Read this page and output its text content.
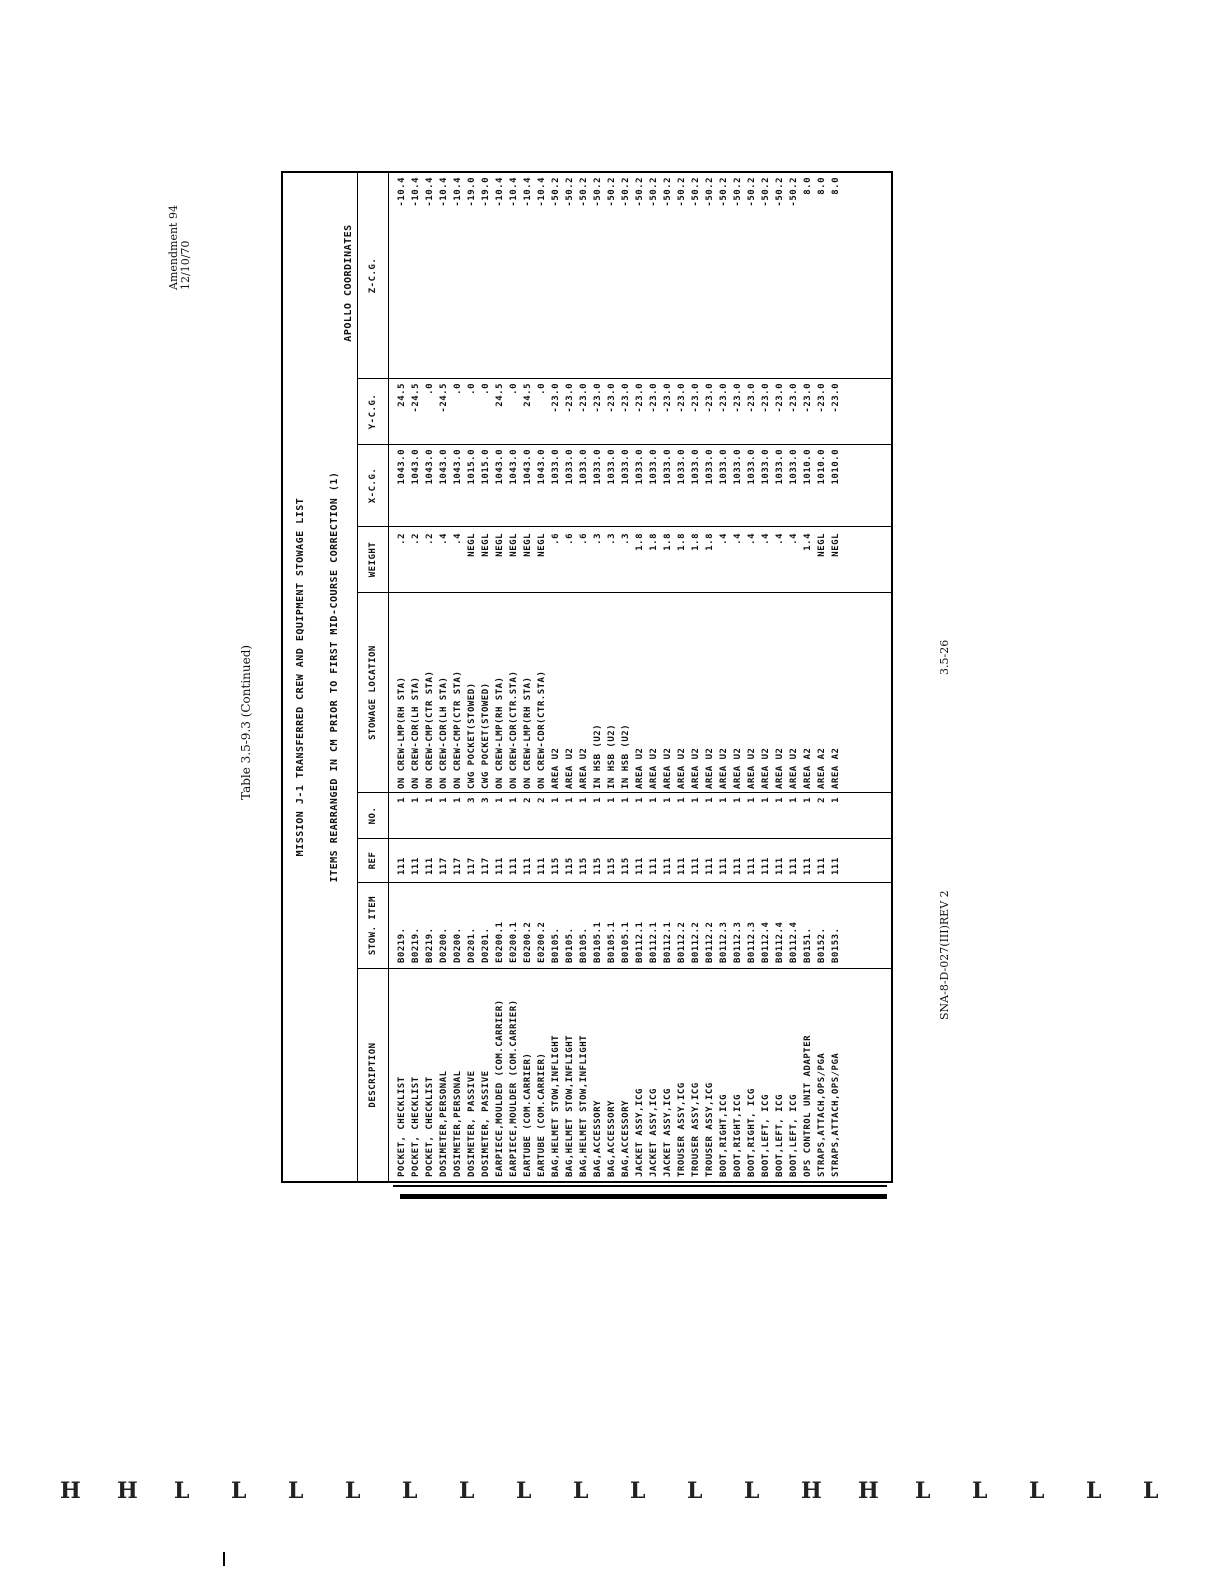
Table 3.5-9.3 (Continued)
Amendment 94 12/10/70
3.5-26
SNA-8-D-027(III)REV 2
MISSION J-1 TRANSFERRED CREW AND EQUIPMENT STOWAGE LIST	ITEMS REARRANGED IN CM PRIOR TO FIRST MID-COURSE CORRECTION (1)
APOLLO COORDINATES
DESCRIPTION
STOW. ITEM
REF
NO.
STOWAGE LOCATION
WEIGHT
X-C.G.
Y-C.G.
Z-C.G.
POCKET, CHECKLIST
B0219.
111
1
ON CREW-LMP(RH STA)
.2
1043.0
24.5
-10.4
POCKET, CHECKLIST
B0219.
111
1
ON CREW-CDR(LH STA)
.2
1043.0
-24.5
-10.4
POCKET, CHECKLIST
B0219.
111
1
ON CREW-CMP(CTR STA)
.2
1043.0
.0
-10.4
DOSIMETER,PERSONAL
D0200.
117
1
ON CREW-CDR(LH STA)
.4
1043.0
-24.5
-10.4
DOSIMETER,PERSONAL
D0200.
117
1
ON CREW-CMP(CTR STA)
.4
1043.0
.0
-10.4
DOSIMETER, PASSIVE
D0201.
117
3
CWG POCKET(STOWED)
NEGL
1015.0
.0
-19.0
DOSIMETER, PASSIVE
D0201.
117
3
CWG POCKET(STOWED)
NEGL
1015.0
.0
-19.0
EARPIECE,MOULDED (COM.CARRIER)
E0200.1
111
1
ON CREW-LMP(RH STA)
NEGL
1043.0
24.5
-10.4
EARPIECE,MOULDER (COM.CARRIER)
E0200.1
111
1
ON CREW-CDR(CTR.STA)
NEGL
1043.0
.0
-10.4
EARTUBE (COM.CARRIER)
E0200.2
111
2
ON CREW-LMP(RH STA)
NEGL
1043.0
24.5
-10.4
EARTUBE (COM.CARRIER)
E0200.2
111
2
ON CREW-CDR(CTR.STA)
NEGL
1043.0
.0
-10.4
BAG,HELMET STOW,INFLIGHT
B0105.
115
1
AREA U2
.6
1033.0
-23.0
-50.2
BAG,HELMET STOW,INFLIGHT
B0105.
115
1
AREA U2
.6
1033.0
-23.0
-50.2
BAG,HELMET STOW,INFLIGHT
B0105.
115
1
AREA U2
.6
1033.0
-23.0
-50.2
BAG,ACCESSORY
B0105.1
115
1
IN HSB (U2)
.3
1033.0
-23.0
-50.2
BAG,ACCESSORY
B0105.1
115
1
IN HSB (U2)
.3
1033.0
-23.0
-50.2
BAG,ACCESSORY
B0105.1
115
1
IN HSB (U2)
.3
1033.0
-23.0
-50.2
JACKET ASSY,ICG
B0112.1
111
1
AREA U2
1.8
1033.0
-23.0
-50.2
JACKET ASSY,ICG
B0112.1
111
1
AREA U2
1.8
1033.0
-23.0
-50.2
JACKET ASSY,ICG
B0112.1
111
1
AREA U2
1.8
1033.0
-23.0
-50.2
TROUSER ASSY,ICG
B0112.2
111
1
AREA U2
1.8
1033.0
-23.0
-50.2
TROUSER ASSY,ICG
B0112.2
111
1
AREA U2
1.8
1033.0
-23.0
-50.2
TROUSER ASSY,ICG
B0112.2
111
1
AREA U2
1.8
1033.0
-23.0
-50.2
BOOT,RIGHT,ICG
B0112.3
111
1
AREA U2
.4
1033.0
-23.0
-50.2
BOOT,RIGHT,ICG
B0112.3
111
1
AREA U2
.4
1033.0
-23.0
-50.2
BOOT,RIGHT, ICG
B0112.3
111
1
AREA U2
.4
1033.0
-23.0
-50.2
BOOT,LEFT, ICG
B0112.4
111
1
AREA U2
.4
1033.0
-23.0
-50.2
BOOT,LEFT, ICG
B0112.4
111
1
AREA U2
.4
1033.0
-23.0
-50.2
BOOT,LEFT, ICG
B0112.4
111
1
AREA U2
.4
1033.0
-23.0
-50.2
OPS CONTROL UNIT ADAPTER
B0151.
111
1
AREA A2
1.4
1010.0
-23.0
8.0
STRAPS,ATTACH,OPS/PGA
B0152.
111
2
AREA A2
NEGL
1010.0
-23.0
8.0
STRAPS,ATTACH,OPS/PGA
B0153.
111
1
AREA A2
NEGL
1010.0
-23.0
8.0
H H L L L L L L L L L L L H H L L L L L
